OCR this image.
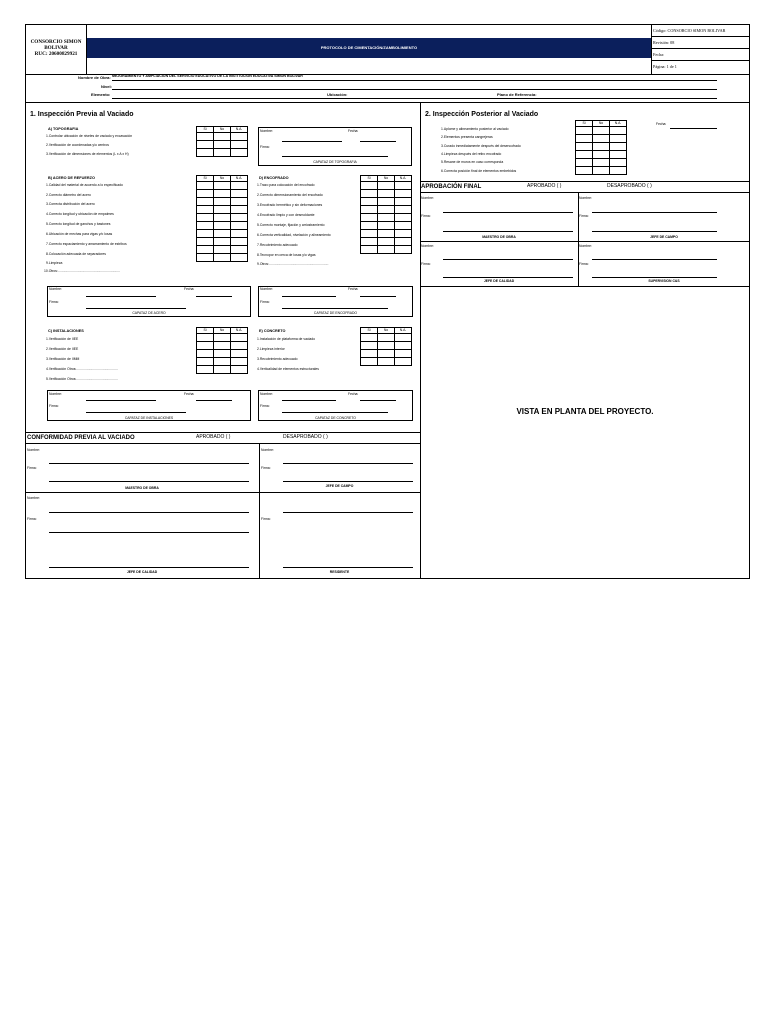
CONSORCIO SIMON BOLIVAR
RUC: 20600829921
PROTOCOLO DE CIMENTACIÓN/ZAMBOLIMIENTO
Código: CONSORCIO SIMON BOLIVAR
Revisión: 08
Fecha:
Página: 1 de 1
Nombre de Obra: MEJORAMIENTO Y AMPLIACION DEL SERVICIO EDUCATIVO DE LA INSTITUCION EDUCATIVA SIMON BOLIVAR
Nivel:
Elemento:	Ubicación:	Plano de Referencia:
1. Inspección Previa al Vaciado
A) TOPOGRAFIA
1.Controlar ubicación de niveles de vaciado y excavación
2.Verificación de coordenadas y/o centros
3.Verificación de dimensiones de elementos (L x A x H)
Si	No	N.A.

Nombre:	Fecha:
Firma:
CAPATAZ DE TOPOGRAFIA
B) ACERO DE REFUERZO
1.Calidad del material de acuerdo a lo especificado
2.Correcto diámetro del acero
3.Correcta distribución del acero
4.Correcto longitud y ubicación de empalmes
5.Correcto longitud de ganchos y bastones
6.Ubicación de mechas para vigas y/o losas
7.Correcto espaciamiento y amarramiento de estribos
8.Colocación adecuada de separadores
9.Limpieza
10.Otros:..................................................................
Si	No	N.A.

			D) ENCOFRADO
1.Trazo para colocación del encofrado
2.Correcto dimensionamiento del encofrado
3.Encofrado hermético y sin deformaciones
4.Encofrado limpio y con desmoldante
5.Correcto montaje, fijación y arriostramiento
6.Correcta verticalidad, nivelación y alineamiento
7.Recubrimiento adecuado
8.Tecnopor en cerca de losas y/o vigas
9.Otros:...............................................................
Si	No	N.A.

Nombre:	Fecha:
Firma:
CAPATAZ DE ACERO
Nombre:	Fecha:
Firma:
CAPATAZ DE ENCOFRADO
C) INSTALACIONES
1.Verificación de IIEE
2.Verificación de IIEE
3.Verificación de IIMM
4.Verificación Otros:............................................
5.Verificación Otros:............................................
Si	No	N.A.

			E) CONCRETO
1.Instalación de plataforma de vaciado
2.Limpieza interior
3.Recubrimiento adecuado
4.Verticalidad de elementos estructurales
Si	No	N.A.

Nombre:	Fecha:
Firma:
CAPATAZ DE INSTALACIONES
Nombre:	Fecha:
Firma:
CAPATAZ DE CONCRETO
CONFORMIDAD PREVIA AL VACIADO	APROBADO ( )	DESAPROBADO ( )
Nombre:
Firma:
MAESTRO DE OBRA
Nombre:
Firma:
JEFE DE CAMPO
Nombre:
Firma:
JEFE DE CALIDAD
Firma:
RESIDENTE
2. Inspección Posterior al Vaciado
Fecha:
1.Aplome y alineamiento posterior al vaciado
2.Elementos presenta cangrejeras
3.Curado inmediatamente después del desencofrado
4.Limpieza después del retiro encofrado
5.Resane de muros en caso corresponda
6.Correcta posición final de elementos embebidos
Si	No	N.A.

APROBACIÓN FINAL	APROBADO ( )	DESAPROBADO ( )
Nombre:
Firma:
MAESTRO DE OBRA
Nombre:
Firma:
JEFE DE CAMPO
Nombre:
Firma:
JEFE DE CALIDAD
Nombre:
Firma:
SUPERVISION C&S
VISTA EN PLANTA DEL PROYECTO.
